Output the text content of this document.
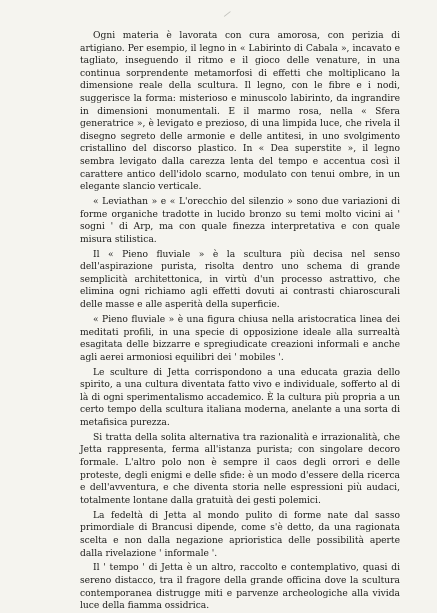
Ogni materia è lavorata con cura amorosa, con perizia di artigiano. Per esempio, il legno in « Labirinto di Cabala », incavato e tagliato, inseguendo il ritmo e il gioco delle venature, in una continua sorprendente metamorfosi di effetti che moltiplicano la dimensione reale della scultura. Il legno, con le fibre e i nodi, suggerisce la forma: misterioso e minuscolo labirinto, da ingrandire in dimensioni monumentali. E il marmo rosa, nella « Sfera generatrice », è levigato e prezioso, di una limpida luce, che rivela il disegno segreto delle armonie e delle antitesi, in uno svolgimento cristallino del discorso plastico. In « Dea superstite », il legno sembra levigato dalla carezza lenta del tempo e accentua così il carattere antico dell'idolo scarno, modulato con tenui ombre, in un elegante slancio verticale.

« Leviathan » e « L'orecchio del silenzio » sono due variazioni di forme organiche tradotte in lucido bronzo su temi molto vicini ai ' sogni ' di Arp, ma con quale finezza interpretativa e con quale misura stilistica.

Il « Pieno fluviale » è la scultura più decisa nel senso dell'aspirazione purista, risolta dentro uno schema di grande semplicità architettonica, in virtù d'un processo astrattivo, che elimina ogni richiamo agli effetti dovuti ai contrasti chiaroscurali delle masse e alle asperità della superficie.

« Pieno fluviale » è una figura chiusa nella aristocratica linea dei meditati profili, in una specie di opposizione ideale alla surrealtà esagitata delle bizzarre e spregiudicate creazioni informali e anche agli aerei armoniosi equilibri dei ' mobiles '.

Le sculture di Jetta corrispondono a una educata grazia dello spirito, a una cultura diventata fatto vivo e individuale, sofferto al di là di ogni sperimentalismo accademico. È la cultura più propria a un certo tempo della scultura italiana moderna, anelante a una sorta di metafisica purezza.

Si tratta della solita alternativa tra razionalità e irrazionalità, che Jetta rappresenta, ferma all'istanza purista; con singolare decoro formale. L'altro polo non è sempre il caos degli orrori e delle proteste, degli enigmi e delle sfide: è un modo d'essere della ricerca e dell'avventura, e che diventa storia nelle espressioni più audaci, totalmente lontane dalla gratuità dei gesti polemici.

La fedeltà di Jetta al mondo pulito di forme nate dal sasso primordiale di Brancusi dipende, come s'è detto, da una ragionata scelta e non dalla negazione aprioristica delle possibilità aperte dalla rivelazione ' informale '.

Il ' tempo ' di Jetta è un altro, raccolto e contemplativo, quasi di sereno distacco, tra il fragore della grande officina dove la scultura contemporanea distrugge miti e parvenze archeologiche alla vivida luce della fiamma ossidrica.
